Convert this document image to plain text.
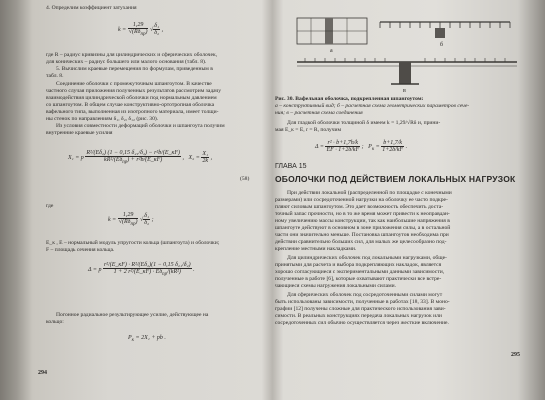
4. Определим коэффициент затухания
$k = \frac{1,29}{√(R\delta_{пр})}$ √ $\frac{\text{δ₁}}{\text{δ₂}}$ ,
где R – радиус кривизны для цилиндрических и сферических оболочек,
для конических – радиус большего или малого основания (табл. 8).
5. Вычислим краевые перемещения по формулам, приведенным в
табл. 8.
Соединение оболочки с промежуточным шпангоутом. В качестве
частного случая приложения полученных результатов рассмотрим задачу
взаимодействия цилиндрической оболочки под нормальным давлением
со шпангоутом. В общем случае конструктивно-ортотропная оболочка
вафельного типа, выполненная из изотропного материала, имеет толщи-
ны стенок по направлениям δ₁, δ₂, δ₁₂ (рис. 30).
Из условия совместности деформаций оболочки и шпангоута получим
внутренние краевые усилия
X₁ = p $\frac{\text{R²/(Eδ₂) (1 − 0,15 δ₂₁/δ₂) − r²b/(E\_кF)}}{kR^2/(E\delta_{пр}) + r^2b/(E\_кF)}$ ,   $X_2 = \frac{\text{X₁}}{2k}$ ,
(58)
где
$k = \frac{1,29}{√(R\delta_{пр})}$ √ $\frac{\text{δ₁}}{\text{δ₂}}$ ;
E_к , E – нормальный модуль упругости кольца (шпангоута) и оболочки;
F – площадь сечения кольца.
Δ = p $\frac{\text{r²/(E\_кF) · R²/(Eδ₂)(1 − 0,15 δ₂₁/δ₂)}}{1 + 2 r^2/(E\_кF) \cdot E\delta_{пр}/(kR^2)}$ .
Погонное радиальное результирующее усилие, действующее на
кольцо:
$P_к = 2X_1$ + pb .
294
а
б
в
Рис. 30. Вафельная оболочка, подкрепленная шпангоутом:
а – конструктивный вид; б – расчетная схема геометрических параметров сече-
ния; в – расчетная схема соединения
Для гладкой оболочки толщиной δ имеем k = 1,29/√Rδ и, прини-
мая E_к = E, r = R, получим
$\Delta = \frac{\text{r² · b+1,7h/k}}{EF \cdot 1+2\delta/kF}$ ;   $P_к = \frac{b+1,7/k}{1+2\delta/kF}$ .
ГЛАВА 15
ОБОЛОЧКИ ПОД ДЕЙСТВИЕМ ЛОКАЛЬНЫХ НАГРУЗОК
При действии локальной (распределенной по площадке с конечными
размерами) или сосредоточенной нагрузки на оболочку ее часто подкре-
пляют силовым шпангоутом. Это дает возможность обеспечить доста-
точный запас прочности, но в то же время может привести к неоправдан-
ному увеличению массы конструкции, так как наибольшие напряжения в
шпангоуте действуют в основном в зоне приложения силы, а в остальной
части они значительно меньше. Постановка шпангоутов необходима при
действии сравнительно больших сил, для малых же целесообразно под-
крепление местными накладками.
Для цилиндрических оболочек под локальными нагрузками, обще-
принятыми для расчета и выбора подкрепляющих накладок, является
хорошо согласующиеся с экспериментальными данными зависимости,
полученные в работе [6], которые охватывают практически все встре-
чающиеся схемы нагружения локальными силами.
Для сферических оболочек под сосредоточенными силами могут
быть использованы зависимости, полученные в работах [18, 33]. В моно-
графии [12] получены сложные для практического использования зави-
симости. В реальных конструкциях передача локальных нагрузок или
сосредоточенных сил обычно осуществляется через жесткие включение.
295
